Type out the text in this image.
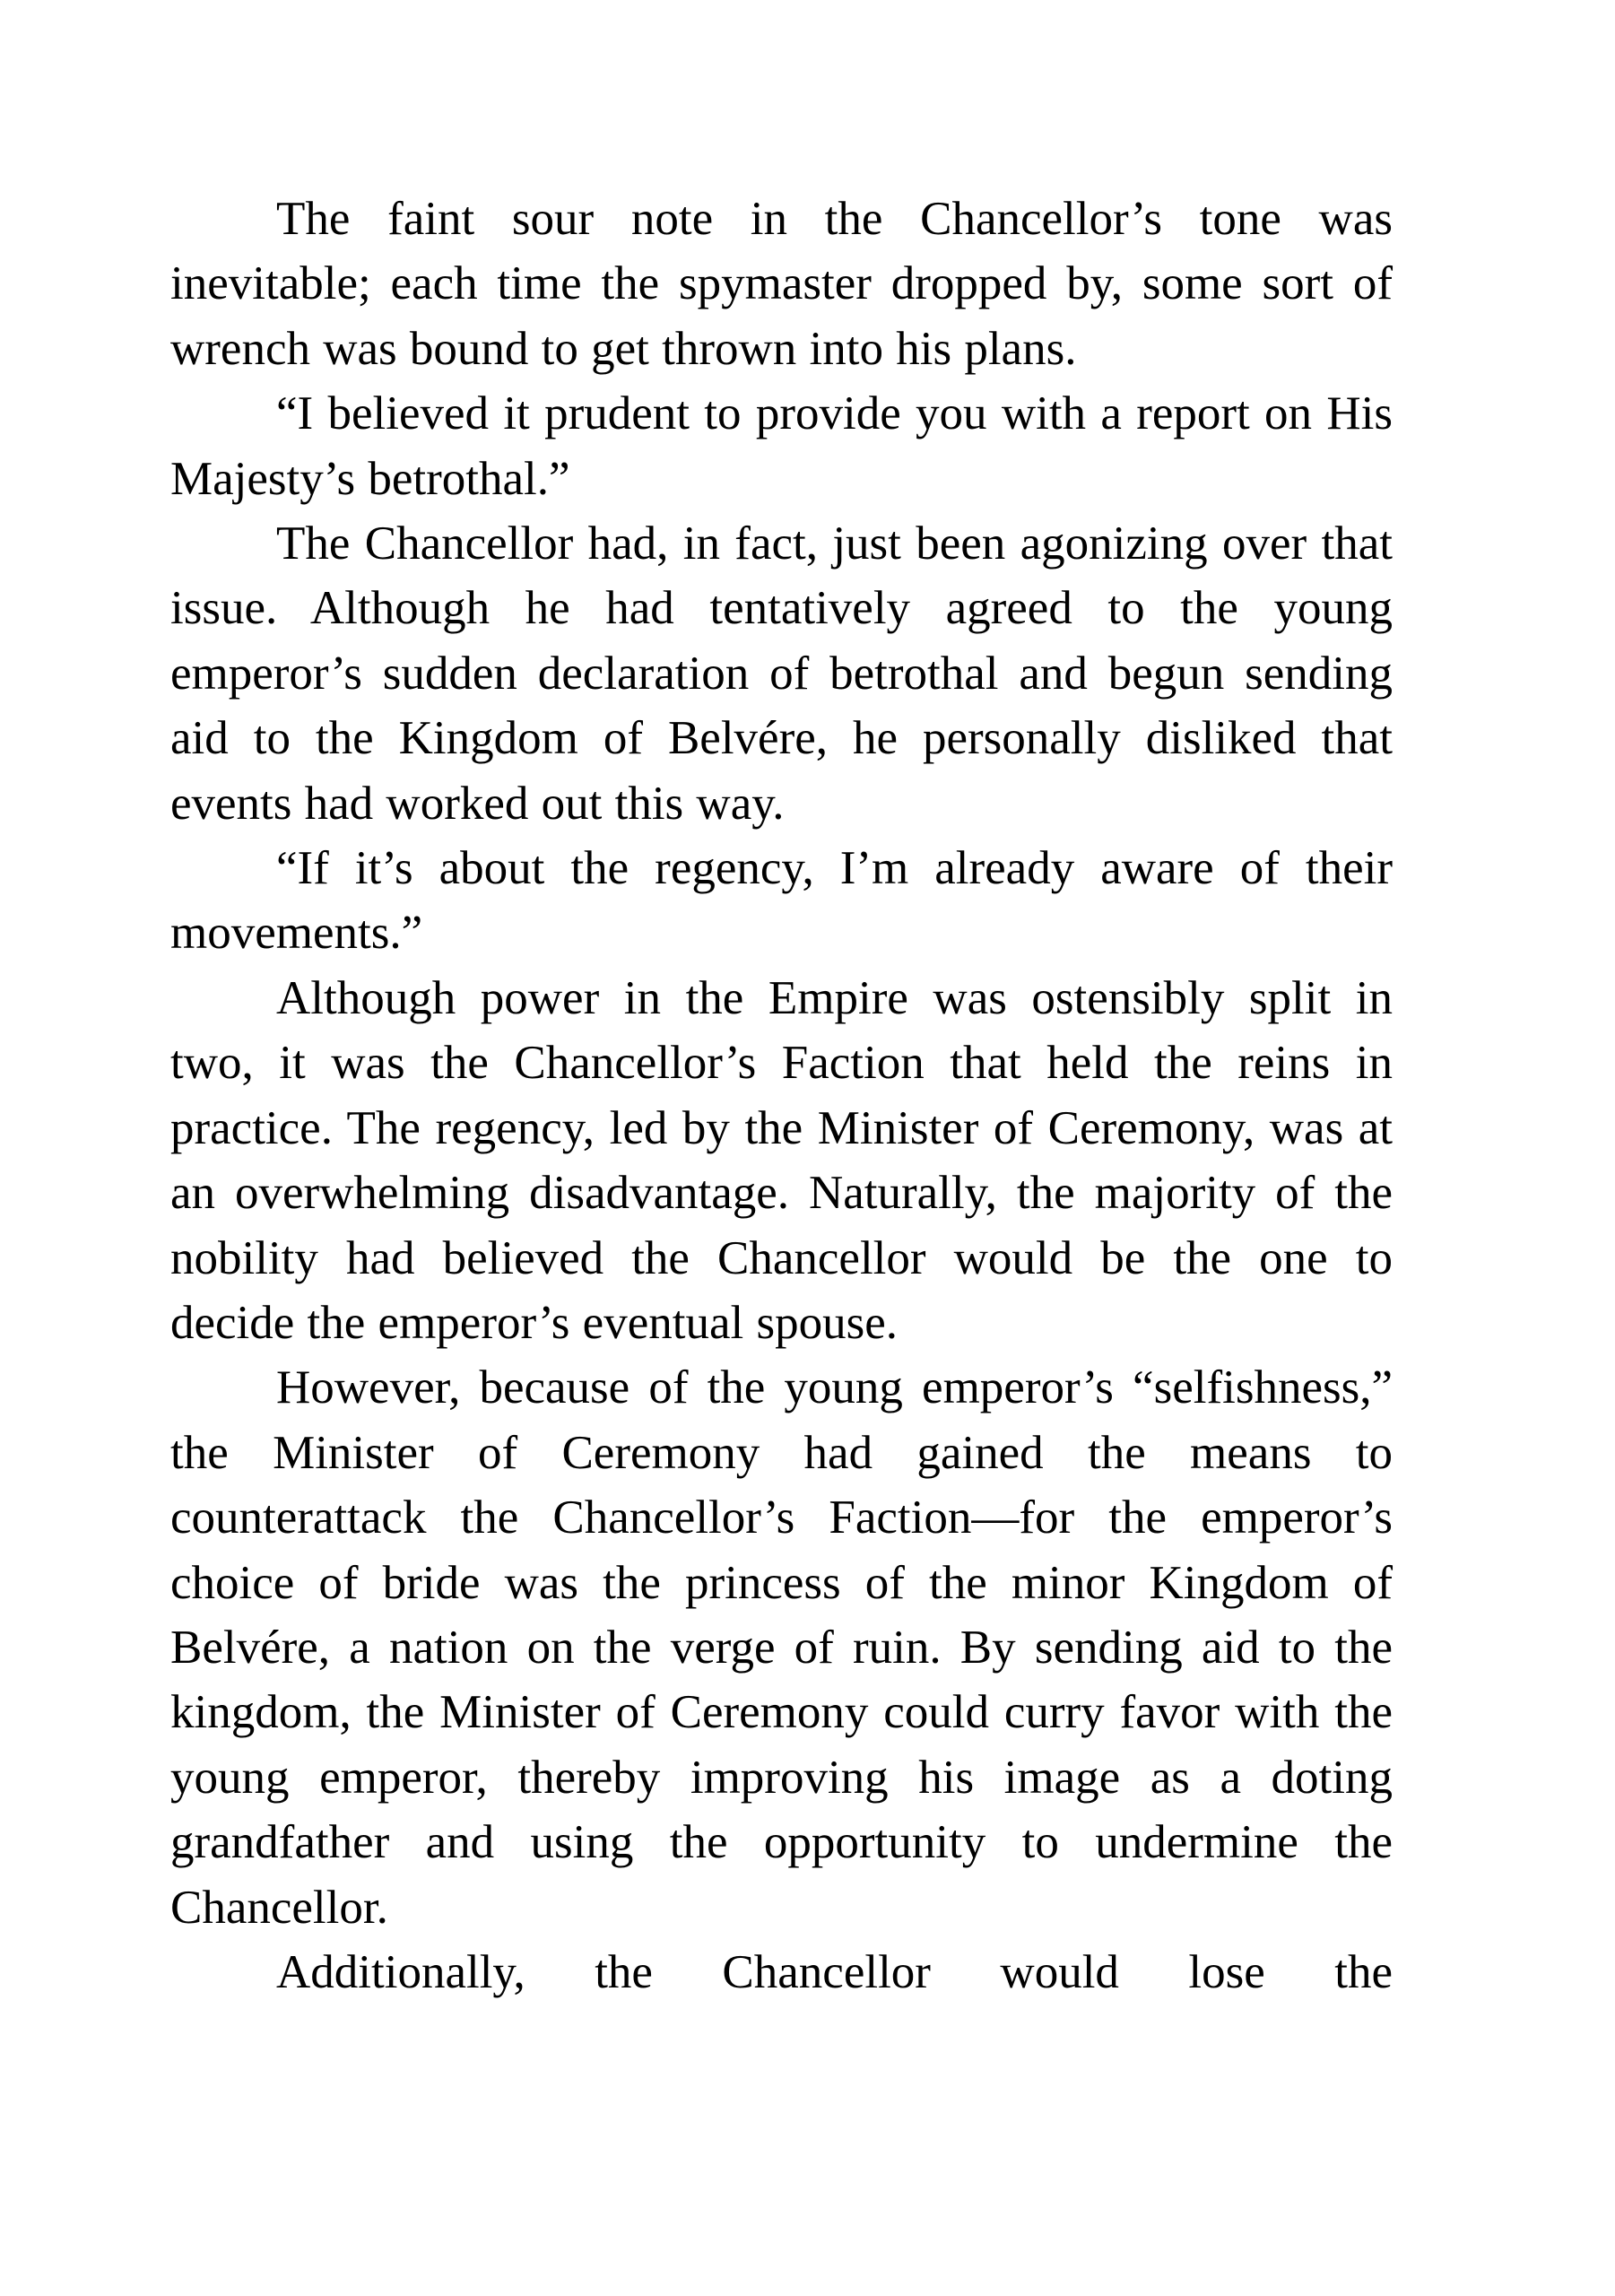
The faint sour note in the Chancellor’s tone was inevitable; each time the spymaster dropped by, some sort of wrench was bound to get thrown into his plans.

“I believed it prudent to provide you with a report on His Majesty’s betrothal.”

The Chancellor had, in fact, just been agonizing over that issue. Although he had tentatively agreed to the young emperor’s sudden declaration of betrothal and begun sending aid to the Kingdom of Belvére, he personally disliked that events had worked out this way.

“If it’s about the regency, I’m already aware of their movements.”

Although power in the Empire was ostensibly split in two, it was the Chancellor’s Faction that held the reins in practice. The regency, led by the Minister of Ceremony, was at an overwhelming disadvantage. Naturally, the majority of the nobility had believed the Chancellor would be the one to decide the emperor’s eventual spouse.

However, because of the young emperor’s “selfishness,” the Minister of Ceremony had gained the means to counterattack the Chancellor’s Faction—for the emperor’s choice of bride was the princess of the minor Kingdom of Belvére, a nation on the verge of ruin. By sending aid to the kingdom, the Minister of Ceremony could curry favor with the young emperor, thereby improving his image as a doting grandfather and using the opportunity to undermine the Chancellor.

Additionally, the Chancellor would lose the
